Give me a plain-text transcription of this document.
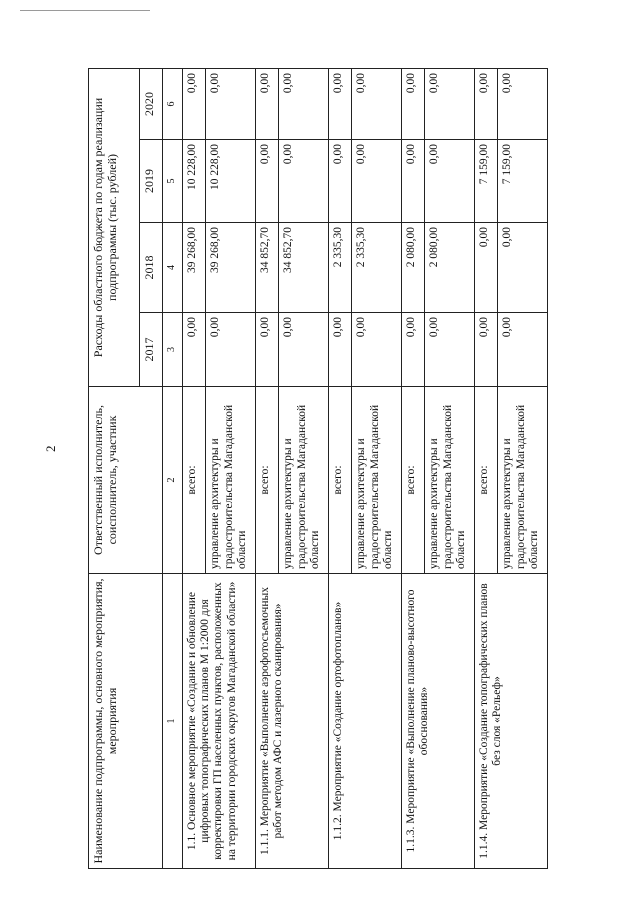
2
Наименование подпрограммы, основного мероприятия, мероприятия	Ответственный исполнитель, соисполнитель, участник	Расходы областного бюджета по годам реализации подпрограммы (тыс. рублей)			
		2017	2018	2019	2020
1	2	3	4	5	6
1.1. Основное мероприятие «Создание и обновление цифровых топографических планов М 1:2000 для корректировки ГП населенных пунктов, расположенных на территории городских округов Магаданской области»	всего:	0,00	39 268,00	10 228,00	0,00
	управление архитектуры и градостроительства Магаданской области	0,00	39 268,00	10 228,00	0,00
1.1.1. Мероприятие «Выполнение аэрофотосъемочных работ методом АФС и лазерного сканирования»	всего:	0,00	34 852,70	0,00	0,00
	управление архитектуры и градостроительства Магаданской области	0,00	34 852,70	0,00	0,00
1.1.2. Мероприятие «Создание ортофотопланов»	всего:	0,00	2 335,30	0,00	0,00
	управление архитектуры и градостроительства Магаданской области	0,00	2 335,30	0,00	0,00
1.1.3. Мероприятие «Выполнение планово-высотного обоснования»	всего:	0,00	2 080,00	0,00	0,00
	управление архитектуры и градостроительства Магаданской области	0,00	2 080,00	0,00	0,00
1.1.4. Мероприятие «Создание топографических планов без слоя «Рельеф»	всего:	0,00	0,00	7 159,00	0,00
	управление архитектуры и градостроительства Магаданской области	0,00	0,00	7 159,00	0,00
